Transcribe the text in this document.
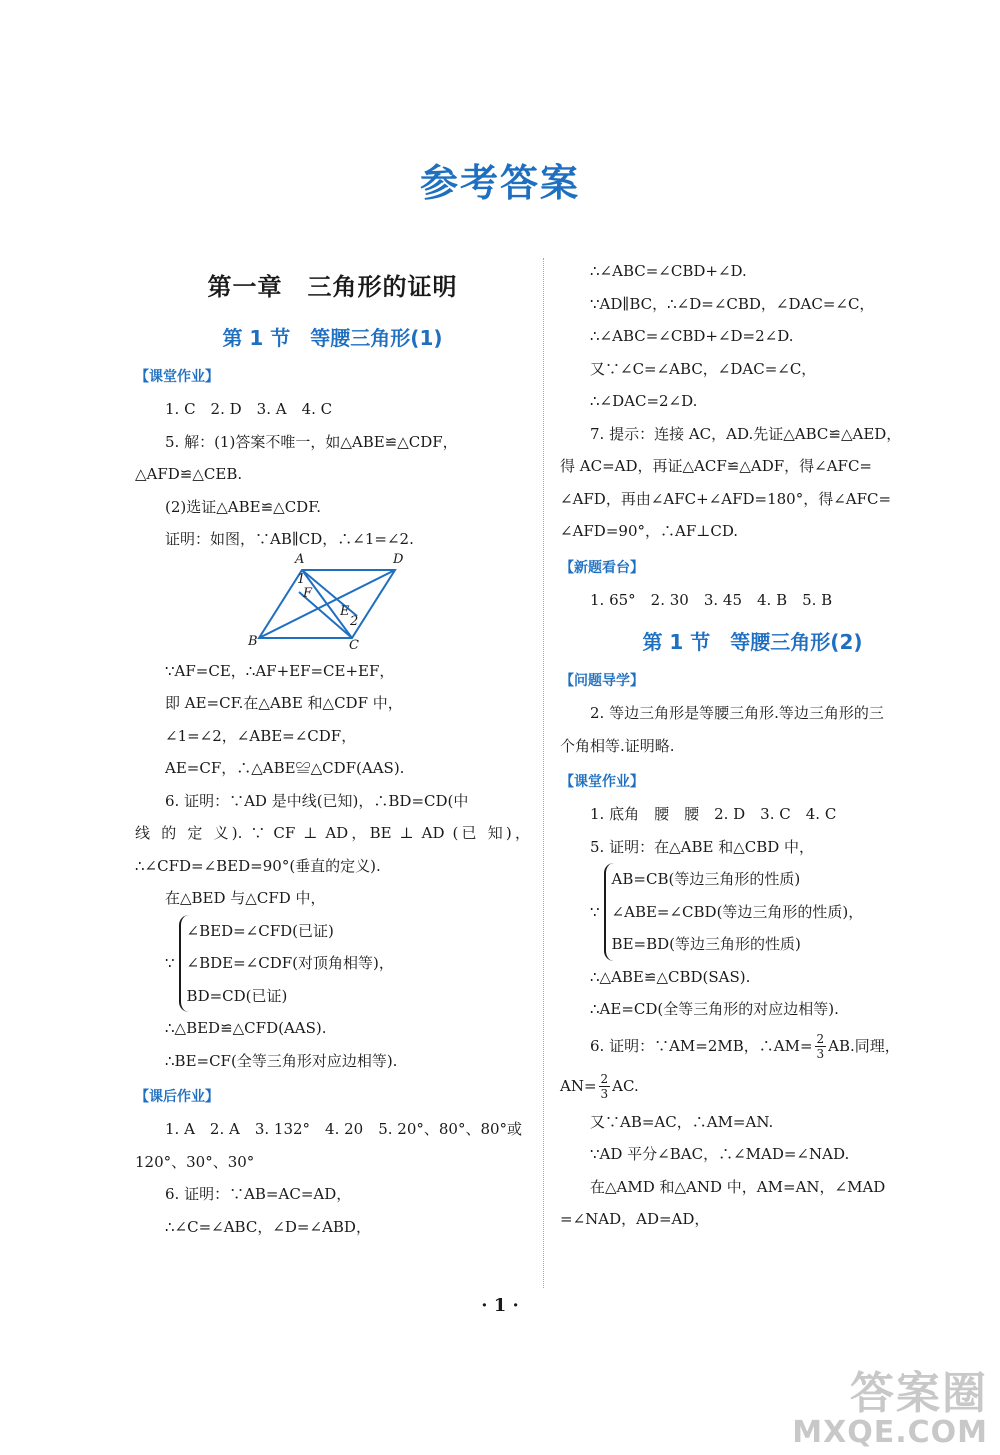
参考答案
第一章　三角形的证明
第 1 节　等腰三角形(1)
【课堂作业】
1. C　2. D　3. A　4. C
5. 解：(1)答案不唯一，如△ABE≌△CDF，
△AFD≌△CEB.
(2)选证△ABE≌△CDF.
证明：如图，∵AB∥CD，∴∠1=∠2.
A	D
B	C
1
F
E
2
∵AF=CE，∴AF+EF=CE+EF，
即 AE=CF.在△ABE 和△CDF 中，
∠1=∠2，∠ABE=∠CDF，
AE=CF，∴△ABE≌△CDF(AAS).
6. 证明：∵AD 是中线(已知)，∴BD=CD(中
线 的 定 义). ∵ CF ⊥ AD，BE ⊥ AD (已 知)，
∴∠CFD=∠BED=90°(垂直的定义).
在△BED 与△CFD 中，
∵
∠BED=∠CFD(已证)
∠BDE=∠CDF(对顶角相等)，
BD=CD(已证)
∴△BED≌△CFD(AAS).
∴BE=CF(全等三角形对应边相等).
【课后作业】
1. A　2. A　3. 132°　4. 20　5. 20°、80°、80°或
120°、30°、30°
6. 证明：∵AB=AC=AD，
∴∠C=∠ABC，∠D=∠ABD，
∴∠ABC=∠CBD+∠D.
∵AD∥BC，∴∠D=∠CBD，∠DAC=∠C，
∴∠ABC=∠CBD+∠D=2∠D.
又∵∠C=∠ABC，∠DAC=∠C，
∴∠DAC=2∠D.
7. 提示：连接 AC，AD.先证△ABC≌△AED，
得 AC=AD，再证△ACF≌△ADF，得∠AFC=
∠AFD，再由∠AFC+∠AFD=180°，得∠AFC=
∠AFD=90°，∴AF⊥CD.
【新题看台】
1. 65°　2. 30　3. 45　4. B　5. B
第 1 节　等腰三角形(2)
【问题导学】
2. 等边三角形是等腰三角形.等边三角形的三
个角相等.证明略.
【课堂作业】
1. 底角　腰　腰　2. D　3. C　4. C
5. 证明：在△ABE 和△CBD 中，
∵
AB=CB(等边三角形的性质)
∠ABE=∠CBD(等边三角形的性质)，
BE=BD(等边三角形的性质)
∴△ABE≌△CBD(SAS).
∴AE=CD(全等三角形的对应边相等).
6. 证明：∵AM=2MB，∴AM= $\frac{2}{3}$ AB.同理，
$AN= \frac{2}{3}$ AC.
又∵AB=AC，∴AM=AN.
∵AD 平分∠BAC，∴∠MAD=∠NAD.
在△AMD 和△AND 中，AM=AN，∠MAD
=∠NAD，AD=AD，
· 1 ·
答案圈
MXQE.COM
